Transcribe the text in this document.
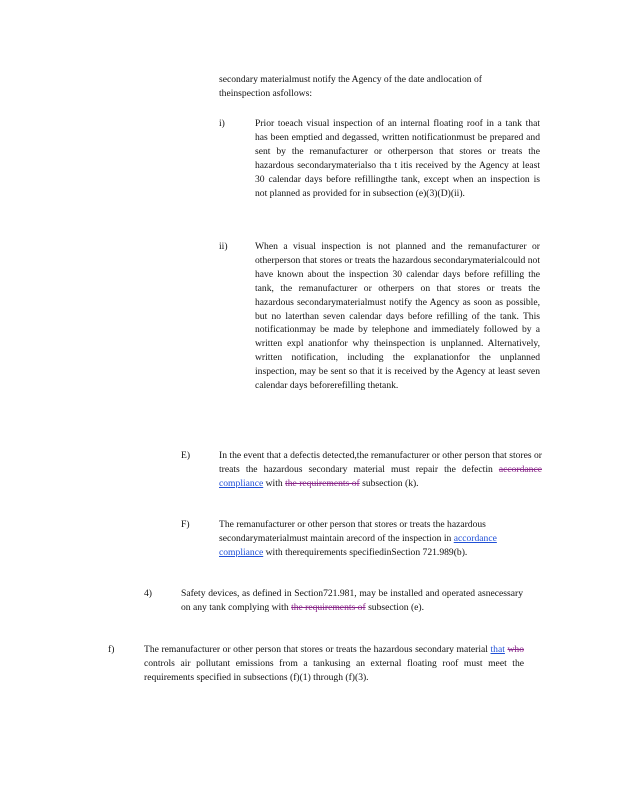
secondary materialmust notify the Agency of the date andlocation of theinspection asfollows:
i)	Prior toeach visual inspection of an internal floating roof in a tank that has been emptied and degassed, written notificationmust be prepared and sent by the remanufacturer or otherperson that stores or treats the hazardous secondarymaterialso tha t itis received by the Agency at least 30 calendar days before refillingthe tank, except when an inspection is not planned as provided for in subsection (e)(3)(D)(ii).
ii)	When a visual inspection is not planned and the remanufacturer or otherperson that stores or treats the hazardous secondarymaterialcould not have known about the inspection 30 calendar days before refilling the tank, the remanufacturer or otherpers on that stores or treats the hazardous secondarymaterialmust notify the Agency as soon as possible, but no laterthan seven calendar days before refilling of the tank. This notificationmay be made by telephone and immediately followed by a written expl anationfor why theinspection is unplanned. Alternatively, written notification, including the explanationfor the unplanned inspection, may be sent so that it is received by the Agency at least seven calendar days beforerefilling thetank.
E)	In the event that a defectis detected,the remanufacturer or other person that stores or treats the hazardous secondary material must repair the defectin accordance compliance with the requirements of subsection (k).
F)	The remanufacturer or other person that stores or treats the hazardous secondarymaterialmust maintain arecord of the inspection in accordance compliance with therequirements specifiedinSection 721.989(b).
4)	Safety devices, as defined in Section721.981, may be installed and operated asnecessary on any tank complying with the requirements of subsection (e).
f)	The remanufacturer or other person that stores or treats the hazardous secondary material that who controls air pollutant emissions from a tankusing an external floating roof must meet the requirements specified in subsections (f)(1) through (f)(3).
